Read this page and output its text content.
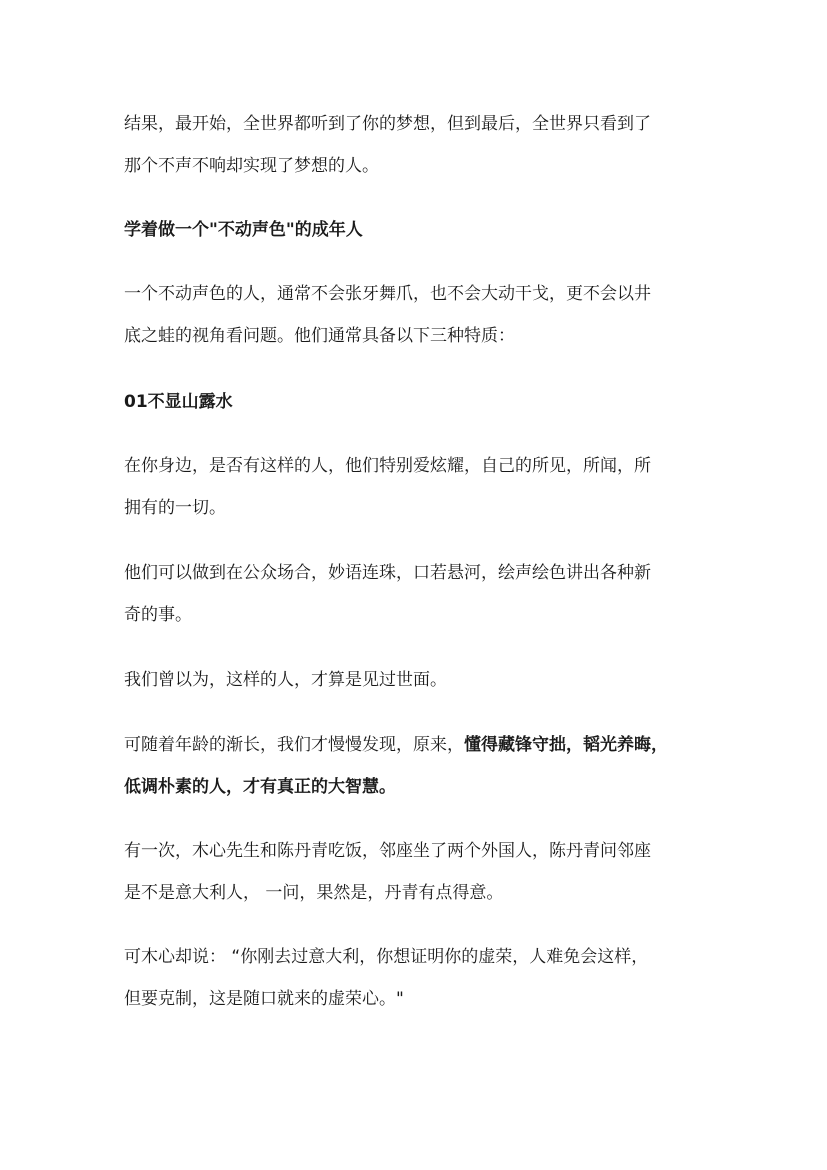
结果，最开始，全世界都听到了你的梦想，但到最后，全世界只看到了
那个不声不响却实现了梦想的人。

学着做一个"不动声色"的成年人

一个不动声色的人，通常不会张牙舞爪，也不会大动干戈，更不会以井
底之蛙的视角看问题。他们通常具备以下三种特质：

01不显山露水

在你身边，是否有这样的人，他们特别爱炫耀，自己的所见，所闻，所
拥有的一切。

他们可以做到在公众场合，妙语连珠，口若悬河，绘声绘色讲出各种新
奇的事。

我们曾以为，这样的人，才算是见过世面。

可随着年龄的渐长，我们才慢慢发现，原来，懂得藏锋守拙，韬光养晦，
低调朴素的人，才有真正的大智慧。

有一次，木心先生和陈丹青吃饭，邻座坐了两个外国人，陈丹青问邻座
是不是意大利人， 一问，果然是，丹青有点得意。

可木心却说： “你刚去过意大利，你想证明你的虚荣，人难免会这样，
但要克制，这是随口就来的虚荣心。"
